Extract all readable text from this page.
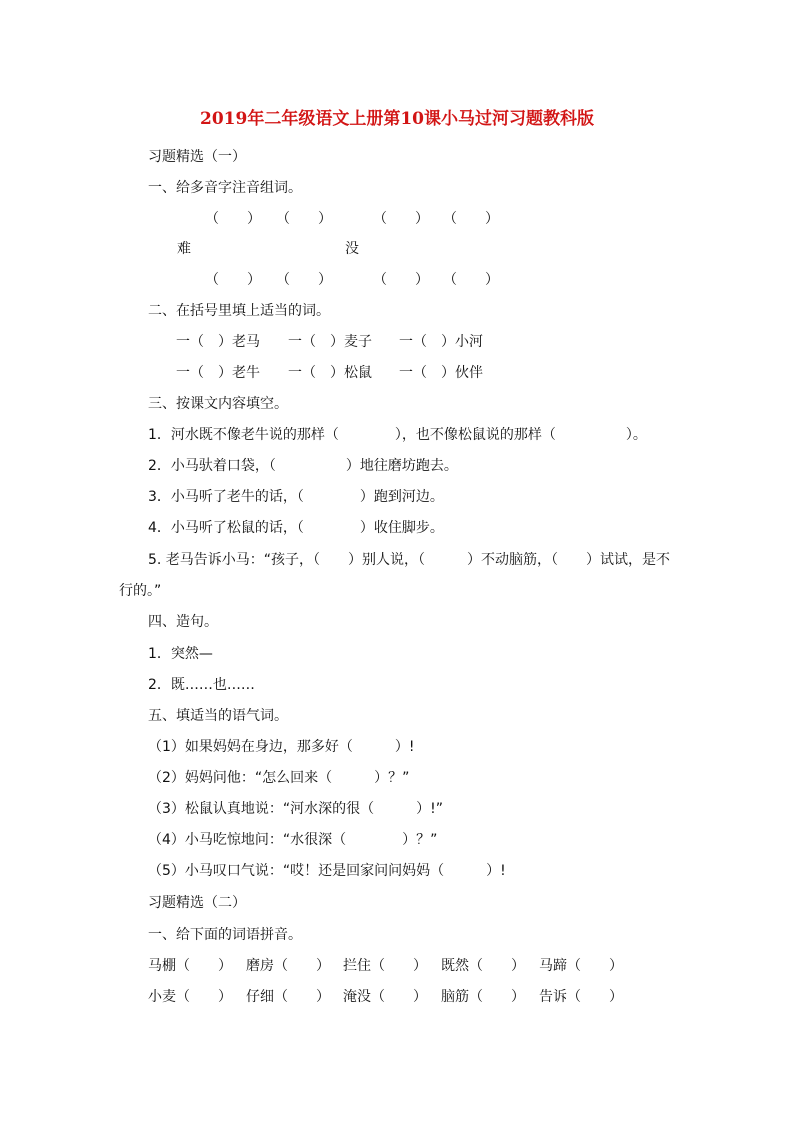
2019年二年级语文上册第10课小马过河习题教科版
习题精选（一）
一、给多音字注音组词。
（　　） （　　）	（　　） （　　）
难	没
（　　） （　　）	（　　） （　　）
二、在括号里填上适当的词。
一（　）老马 一（　）麦子 一（　）小河
一（　）老牛 一（　）松鼠 一（　）伙伴
三、按课文内容填空。
1．河水既不像老牛说的那样（　　　　），也不像松鼠说的那样（　　　　　）。
2．小马驮着口袋，（　　　　　）地往磨坊跑去。
3．小马听了老牛的话，（　　　　）跑到河边。
4．小马听了松鼠的话，（　　　　）收住脚步。
5. 老马告诉小马：“孩子，（　　）别人说，（　　　）不动脑筋，（　　）试试，是不
行的。”
四、造句。
1．突然—
2．既……也……
五、填适当的语气词。
（1）如果妈妈在身边，那多好（　　　）!
（2）妈妈问他：“怎么回来（　　　）？”
（3）松鼠认真地说：“河水深的很（　　　）!”
（4）小马吃惊地问：“水很深（　　　　）？”
（5）小马叹口气说：“哎！还是回家问问妈妈（　　　）!
习题精选（二）
一、给下面的词语拼音。
马棚（　　） 磨房（　　） 拦住（　　） 既然（　　） 马蹄（　　）
小麦（　　） 仔细（　　） 淹没（　　） 脑筋（　　） 告诉（　　）
